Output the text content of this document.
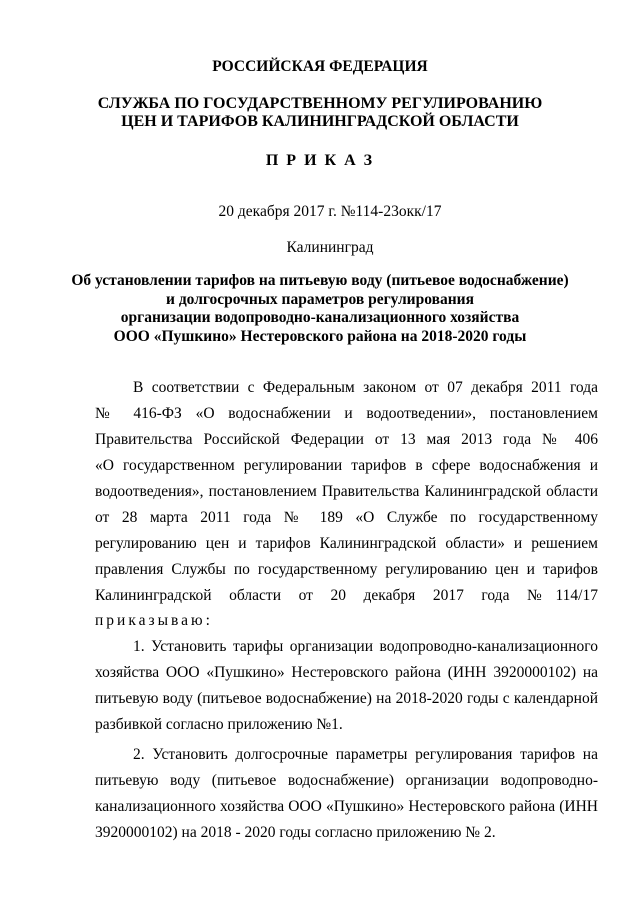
РОССИЙСКАЯ ФЕДЕРАЦИЯ
СЛУЖБА ПО ГОСУДАРСТВЕННОМУ РЕГУЛИРОВАНИЮ
ЦЕН И ТАРИФОВ КАЛИНИНГРАДСКОЙ ОБЛАСТИ
П Р И К А З
20 декабря 2017 г. №114-23окк/17
Калининград
Об установлении тарифов на питьевую воду (питьевое водоснабжение)
и долгосрочных параметров регулирования
организации водопроводно-канализационного хозяйства
ООО «Пушкино» Нестеровского района на 2018-2020 годы
В соответствии с Федеральным законом от 07 декабря 2011 года
№ 416-ФЗ «О водоснабжении и водоотведении», постановлением
Правительства Российской Федерации от 13 мая 2013 года № 406
«О государственном регулировании тарифов в сфере водоснабжения и
водоотведения», постановлением Правительства Калининградской области
от 28 марта 2011 года № 189 «О Службе по государственному
регулированию цен и тарифов Калининградской области» и решением
правления Службы по государственному регулированию цен и тарифов
Калининградской области от 20 декабря 2017 года №114/17
приказываю:
1. Установить тарифы организации водопроводно-канализационного
хозяйства ООО «Пушкино» Нестеровского района (ИНН 3920000102) на
питьевую воду (питьевое водоснабжение) на 2018-2020 годы с календарной
разбивкой согласно приложению №1.
2. Установить долгосрочные параметры регулирования тарифов на
питьевую воду (питьевое водоснабжение) организации водопроводно-
канализационного хозяйства ООО «Пушкино» Нестеровского района (ИНН
3920000102) на 2018 - 2020 годы согласно приложению № 2.
